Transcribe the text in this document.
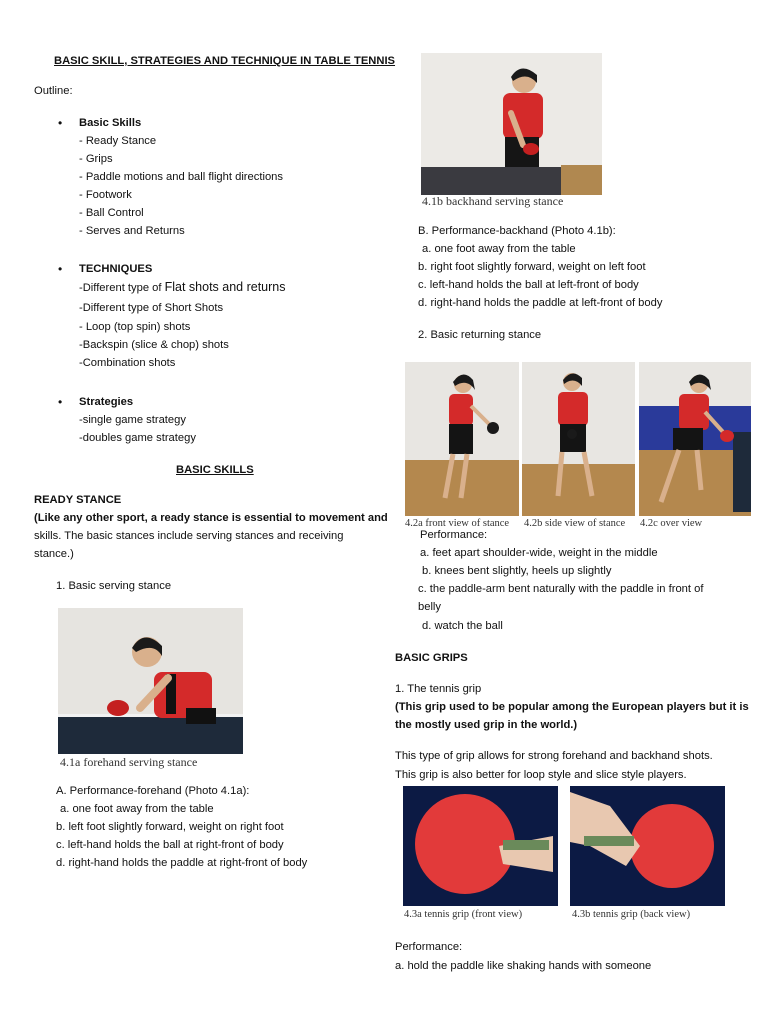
BASIC SKILL, STRATEGIES AND TECHNIQUE IN TABLE TENNIS
Outline:
• Basic Skills
- Ready Stance
- Grips
- Paddle motions and ball flight directions
- Footwork
- Ball Control
- Serves and Returns
• TECHNIQUES
-Different type of Flat shots and returns
-Different type of Short Shots
- Loop (top spin) shots
-Backspin (slice & chop) shots
-Combination shots
• Strategies
-single game strategy
-doubles game strategy
BASIC SKILLS
READY STANCE
(Like any other sport, a ready stance is essential to movement and
skills. The basic stances include serving stances and receiving
stance.)
1. Basic serving stance
4.1a forehand serving stance
A. Performance-forehand (Photo 4.1a):
a. one foot away from the table
b. left foot slightly forward, weight on right foot
c. left-hand holds the ball at right-front of body
d. right-hand holds the paddle at right-front of body
4.1b backhand serving stance
B. Performance-backhand (Photo 4.1b):
a. one foot away from the table
b. right foot slightly forward, weight on left foot
c. left-hand holds the ball at left-front of body
d. right-hand holds the paddle at left-front of body
2. Basic returning stance
4.2a front view of stance 4.2b side view of stance 4.2c over view
Performance:
a. feet apart shoulder-wide, weight in the middle
b. knees bent slightly, heels up slightly
c. the paddle-arm bent naturally with the paddle in front of
belly
d. watch the ball
BASIC GRIPS
1. The tennis grip
(This grip used to be popular among the European players but it is
the mostly used grip in the world.)
This type of grip allows for strong forehand and backhand shots.
This grip is also better for loop style and slice style players.
4.3a tennis grip (front view)	4.3b tennis grip (back view)
Performance:
a. hold the paddle like shaking hands with someone
